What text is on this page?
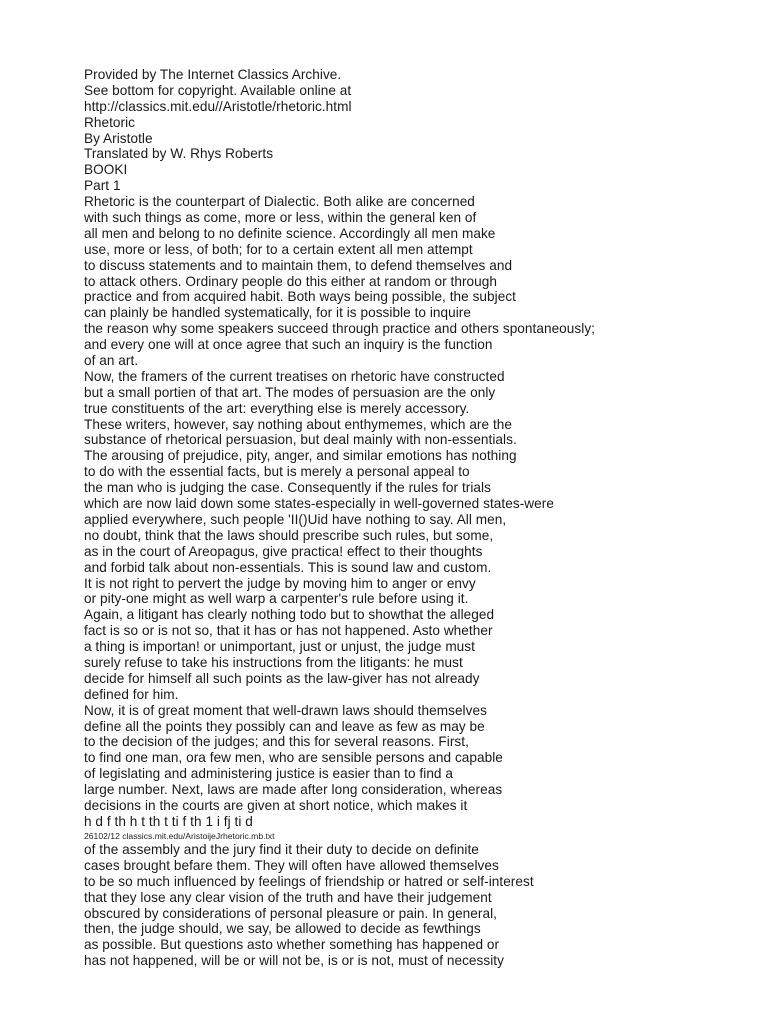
Provided by The Internet Classics Archive.
See bottom for copyright. Available online at
http://classics.mit.edu//Aristotle/rhetoric.html
Rhetoric
By Aristotle
Translated by W. Rhys Roberts
BOOKI
Part 1
Rhetoric is the counterpart of Dialectic. Both alike are concerned
with such things as come, more or less, within the general ken of
all men and belong to no definite science. Accordingly all men make
use, more or less, of both; for to a certain extent all men attempt
to discuss statements and to maintain them, to defend themselves and
to attack others. Ordinary people do this either at random or through
practice and from acquired habit. Both ways being possible, the subject
can plainly be handled systematically, for it is possible to inquire
the reason why some speakers succeed through practice and others spontaneously;
and every one will at once agree that such an inquiry is the function
of an art.
Now, the framers of the current treatises on rhetoric have constructed
but a small portien of that art. The modes of persuasion are the only
true constituents of the art: everything else is merely accessory.
These writers, however, say nothing about enthymemes, which are the
substance of rhetorical persuasion, but deal mainly with non-essentials.
The arousing of prejudice, pity, anger, and similar emotions has nothing
to do with the essential facts, but is merely a personal appeal to
the man who is judging the case. Consequently if the rules for trials
which are now laid down some states-especially in well-governed states-were
applied everywhere, such people 'II()Uid have nothing to say. All men,
no doubt, think that the laws should prescribe such rules, but some,
as in the court of Areopagus, give practica! effect to their thoughts
and forbid talk about non-essentials. This is sound law and custom.
It is not right to pervert the judge by moving him to anger or envy
or pity-one might as well warp a carpenter's rule before using it.
Again, a litigant has clearly nothing todo but to showthat the alleged
fact is so or is not so, that it has or has not happened. Asto whether
a thing is importan! or unimportant, just or unjust, the judge must
surely refuse to take his instructions from the litigants: he must
decide for himself all such points as the law-giver has not already
defined for him.
Now, it is of great moment that well-drawn laws should themselves
define all the points they possibly can and leave as few as may be
to the decision of the judges; and this for several reasons. First,
to find one man, ora few men, who are sensible persons and capable
of legislating and administering justice is easier than to find a
large number. Next, laws are made after long consideration, whereas
decisions in the courts are given at short notice, which makes it
h d f th h t th t ti f th 1 i fj ti d
26102/12 classics.mit.edu/AristoijeJrhetoric.mb.txt
of the assembly and the jury find it their duty to decide on definite
cases brought befare them. They will often have allowed themselves
to be so much influenced by feelings of friendship or hatred or self-interest
that they lose any clear vision of the truth and have their judgement
obscured by considerations of personal pleasure or pain. In general,
then, the judge should, we say, be allowed to decide as fewthings
as possible. But questions asto whether something has happened or
has not happened, will be or will not be, is or is not, must of necessity
